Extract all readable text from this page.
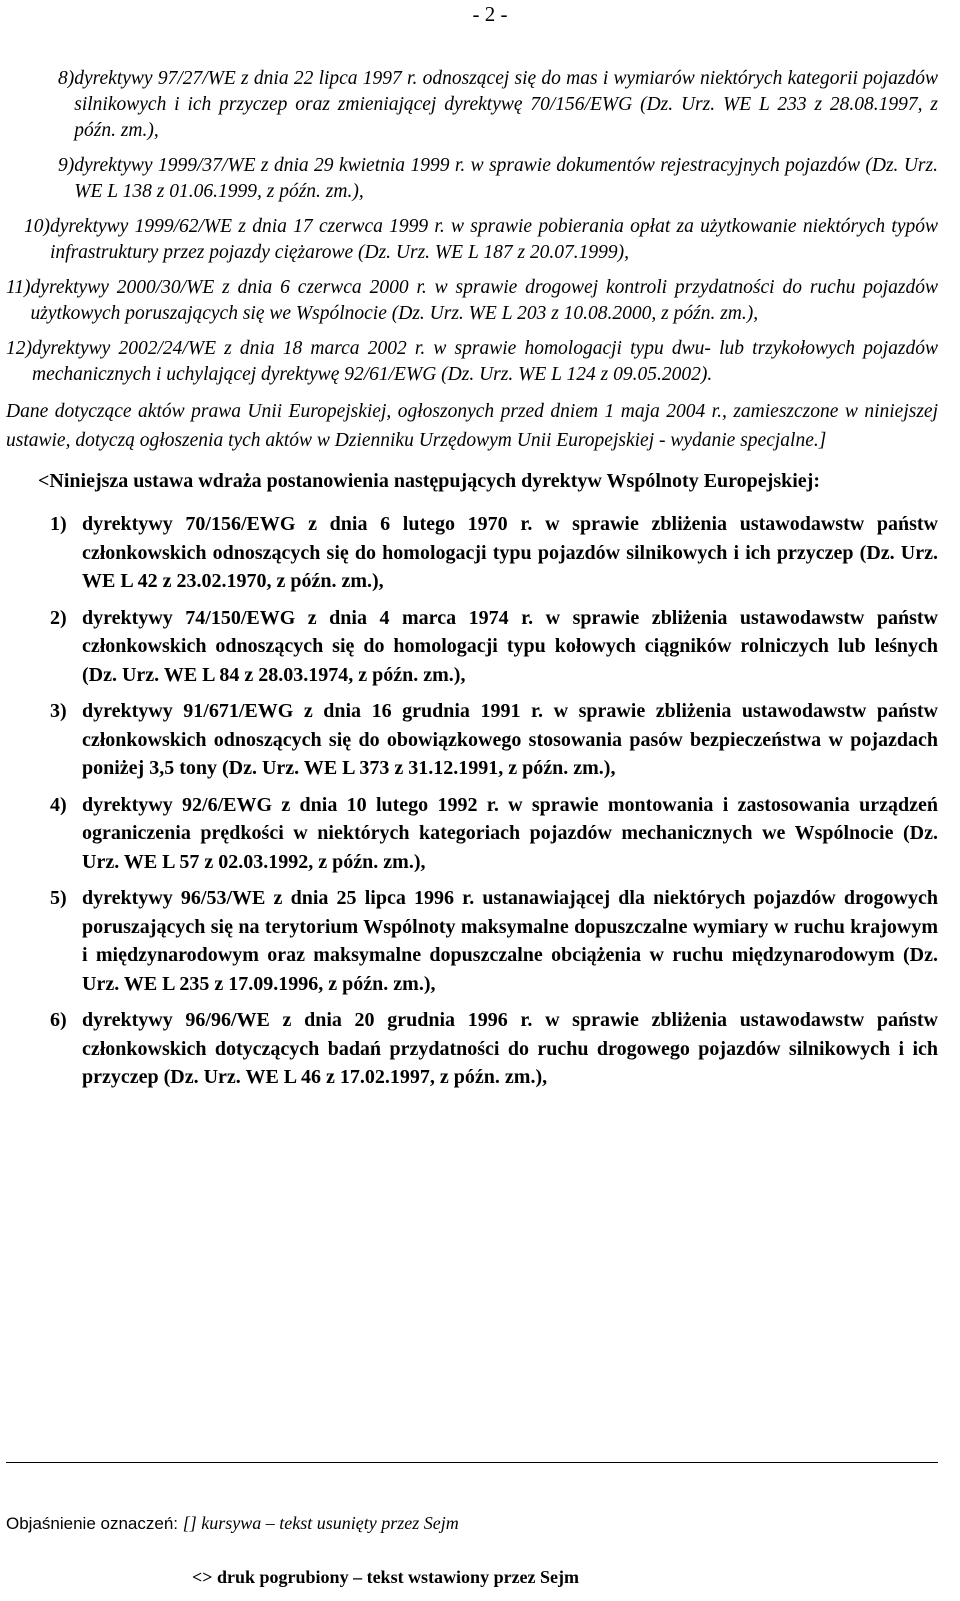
- 2 -
8) dyrektywy 97/27/WE z dnia 22 lipca 1997 r. odnoszącej się do mas i wymiarów niektórych kategorii pojazdów silnikowych i ich przyczep oraz zmieniającej dyrektywę 70/156/EWG (Dz. Urz. WE L 233 z 28.08.1997, z późn. zm.),
9) dyrektywy 1999/37/WE z dnia 29 kwietnia 1999 r. w sprawie dokumentów rejestracyjnych pojazdów (Dz. Urz. WE L 138 z 01.06.1999, z późn. zm.),
10) dyrektywy 1999/62/WE z dnia 17 czerwca 1999 r. w sprawie pobierania opłat za użytkowanie niektórych typów infrastruktury przez pojazdy ciężarowe (Dz. Urz. WE L 187 z 20.07.1999),
11) dyrektywy 2000/30/WE z dnia 6 czerwca 2000 r. w sprawie drogowej kontroli przydatności do ruchu pojazdów użytkowych poruszających się we Wspólnocie (Dz. Urz. WE L 203 z 10.08.2000, z późn. zm.),
12) dyrektywy 2002/24/WE z dnia 18 marca 2002 r. w sprawie homologacji typu dwu- lub trzykołowych pojazdów mechanicznych i uchylającej dyrektywę 92/61/EWG (Dz. Urz. WE L 124 z 09.05.2002).

Dane dotyczące aktów prawa Unii Europejskiej, ogłoszonych przed dniem 1 maja 2004 r., zamieszczone w niniejszej ustawie, dotyczą ogłoszenia tych aktów w Dzienniku Urzędowym Unii Europejskiej - wydanie specjalne.]

<Niniejsza ustawa wdraża postanowienia następujących dyrektyw Wspólnoty Europejskiej:

1) dyrektywy 70/156/EWG z dnia 6 lutego 1970 r. w sprawie zbliżenia ustawodawstw państw członkowskich odnoszących się do homologacji typu pojazdów silnikowych i ich przyczep (Dz. Urz. WE L 42 z 23.02.1970, z późn. zm.),
2) dyrektywy 74/150/EWG z dnia 4 marca 1974 r. w sprawie zbliżenia ustawodawstw państw członkowskich odnoszących się do homologacji typu kołowych ciągników rolniczych lub leśnych (Dz. Urz. WE L 84 z 28.03.1974, z późn. zm.),
3) dyrektywy 91/671/EWG z dnia 16 grudnia 1991 r. w sprawie zbliżenia ustawodawstw państw członkowskich odnoszących się do obowiązkowego stosowania pasów bezpieczeństwa w pojazdach poniżej 3,5 tony (Dz. Urz. WE L 373 z 31.12.1991, z późn. zm.),
4) dyrektywy 92/6/EWG z dnia 10 lutego 1992 r. w sprawie montowania i zastosowania urządzeń ograniczenia prędkości w niektórych kategoriach pojazdów mechanicznych we Wspólnocie (Dz. Urz. WE L 57 z 02.03.1992, z późn. zm.),
5) dyrektywy 96/53/WE z dnia 25 lipca 1996 r. ustanawiającej dla niektórych pojazdów drogowych poruszających się na terytorium Wspólnoty maksymalne dopuszczalne wymiary w ruchu krajowym i międzynarodowym oraz maksymalne dopuszczalne obciążenia w ruchu międzynarodowym (Dz. Urz. WE L 235 z 17.09.1996, z późn. zm.),
6) dyrektywy 96/96/WE z dnia 20 grudnia 1996 r. w sprawie zbliżenia ustawodawstw państw członkowskich dotyczących badań przydatności do ruchu drogowego pojazdów silnikowych i ich przyczep (Dz. Urz. WE L 46 z 17.02.1997, z późn. zm.),
Objaśnienie oznaczeń: [] kursywa – tekst usunięty przez Sejm
<> druk pogrubiony – tekst wstawiony przez Sejm
